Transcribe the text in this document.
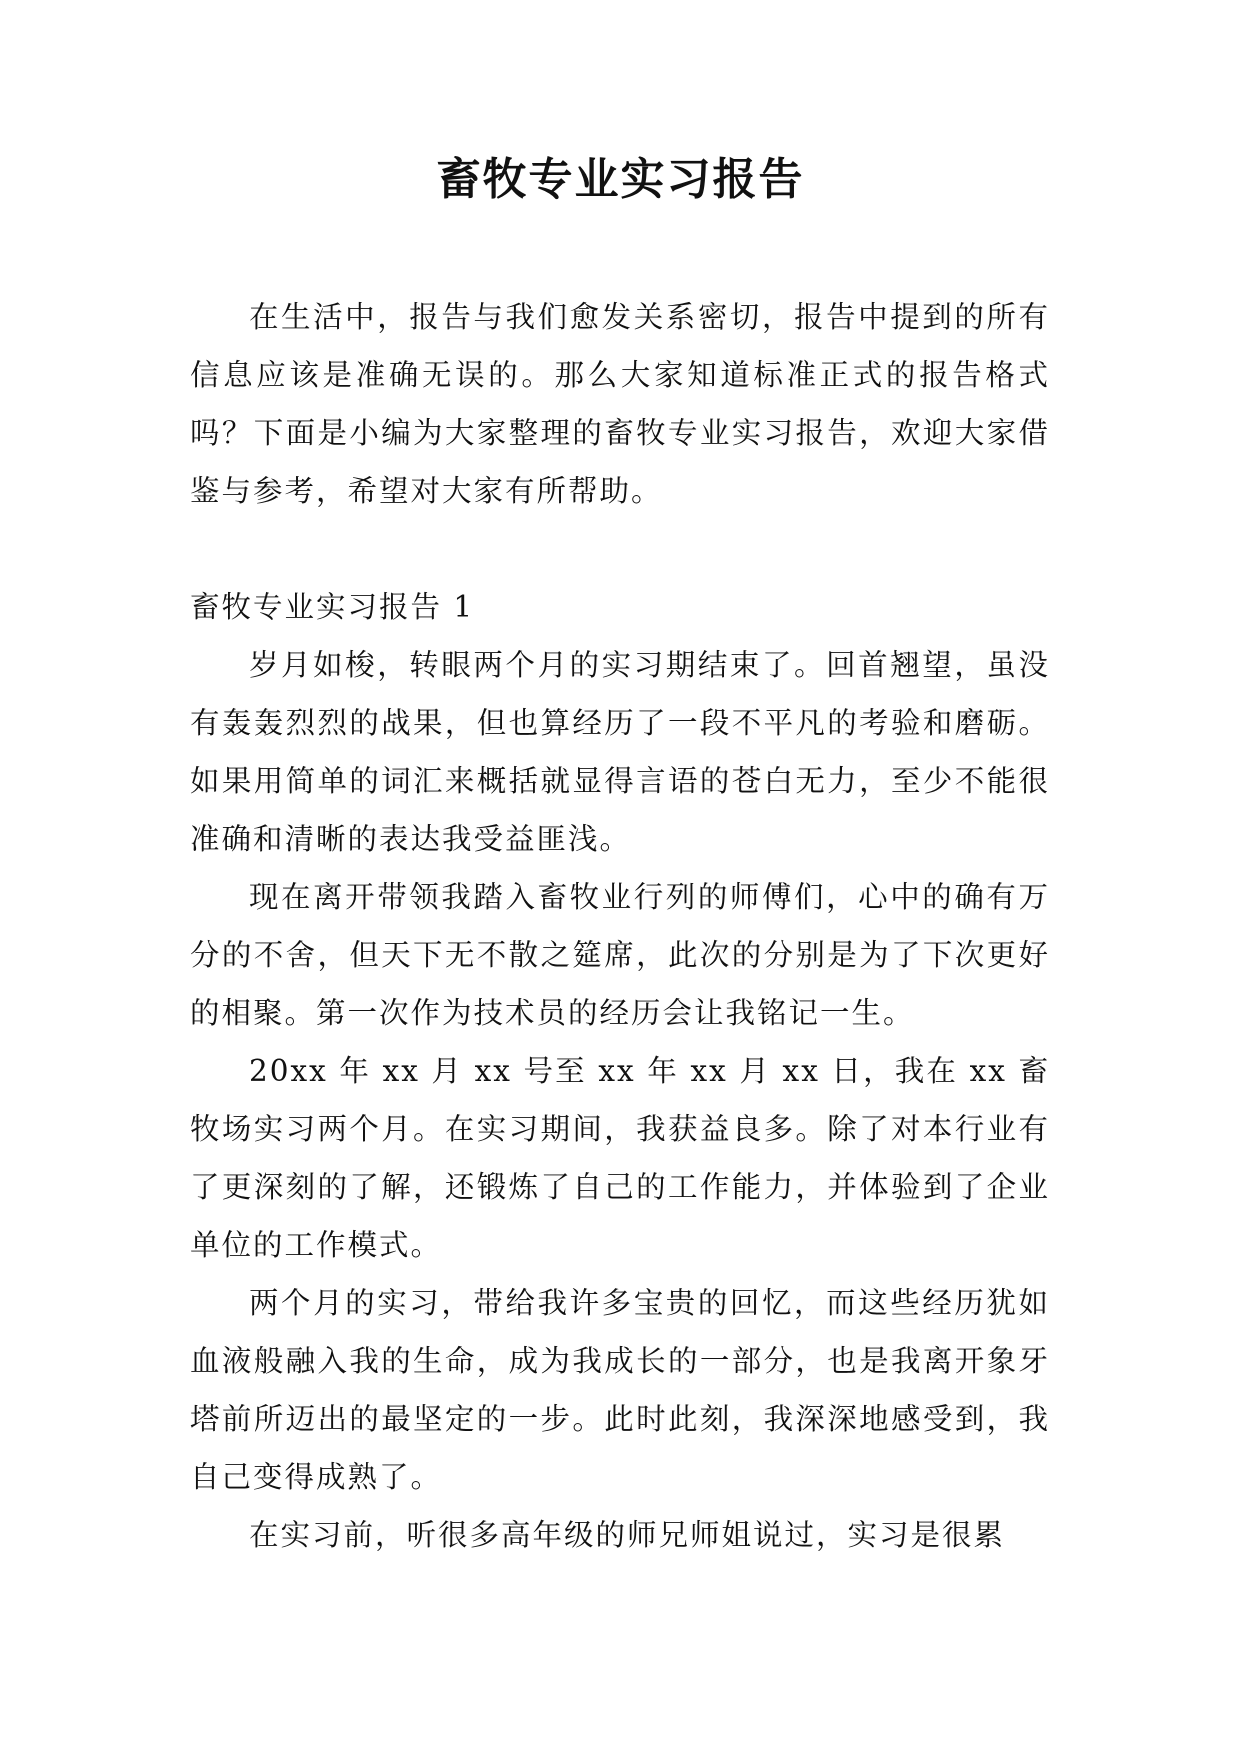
畜牧专业实习报告

在生活中，报告与我们愈发关系密切，报告中提到的所有信息应该是准确无误的。那么大家知道标准正式的报告格式吗？下面是小编为大家整理的畜牧专业实习报告，欢迎大家借鉴与参考，希望对大家有所帮助。

畜牧专业实习报告 1

岁月如梭，转眼两个月的实习期结束了。回首翘望，虽没有轰轰烈烈的战果，但也算经历了一段不平凡的考验和磨砺。如果用简单的词汇来概括就显得言语的苍白无力，至少不能很准确和清晰的表达我受益匪浅。

现在离开带领我踏入畜牧业行列的师傅们，心中的确有万分的不舍，但天下无不散之筵席，此次的分别是为了下次更好的相聚。第一次作为技术员的经历会让我铭记一生。

20xx 年 xx 月 xx 号至 xx 年 xx 月 xx 日，我在 xx 畜牧场实习两个月。在实习期间，我获益良多。除了对本行业有了更深刻的了解，还锻炼了自己的工作能力，并体验到了企业单位的工作模式。

两个月的实习，带给我许多宝贵的回忆，而这些经历犹如血液般融入我的生命，成为我成长的一部分，也是我离开象牙塔前所迈出的最坚定的一步。此时此刻，我深深地感受到，我自己变得成熟了。

在实习前，听很多高年级的师兄师姐说过，实习是很累
